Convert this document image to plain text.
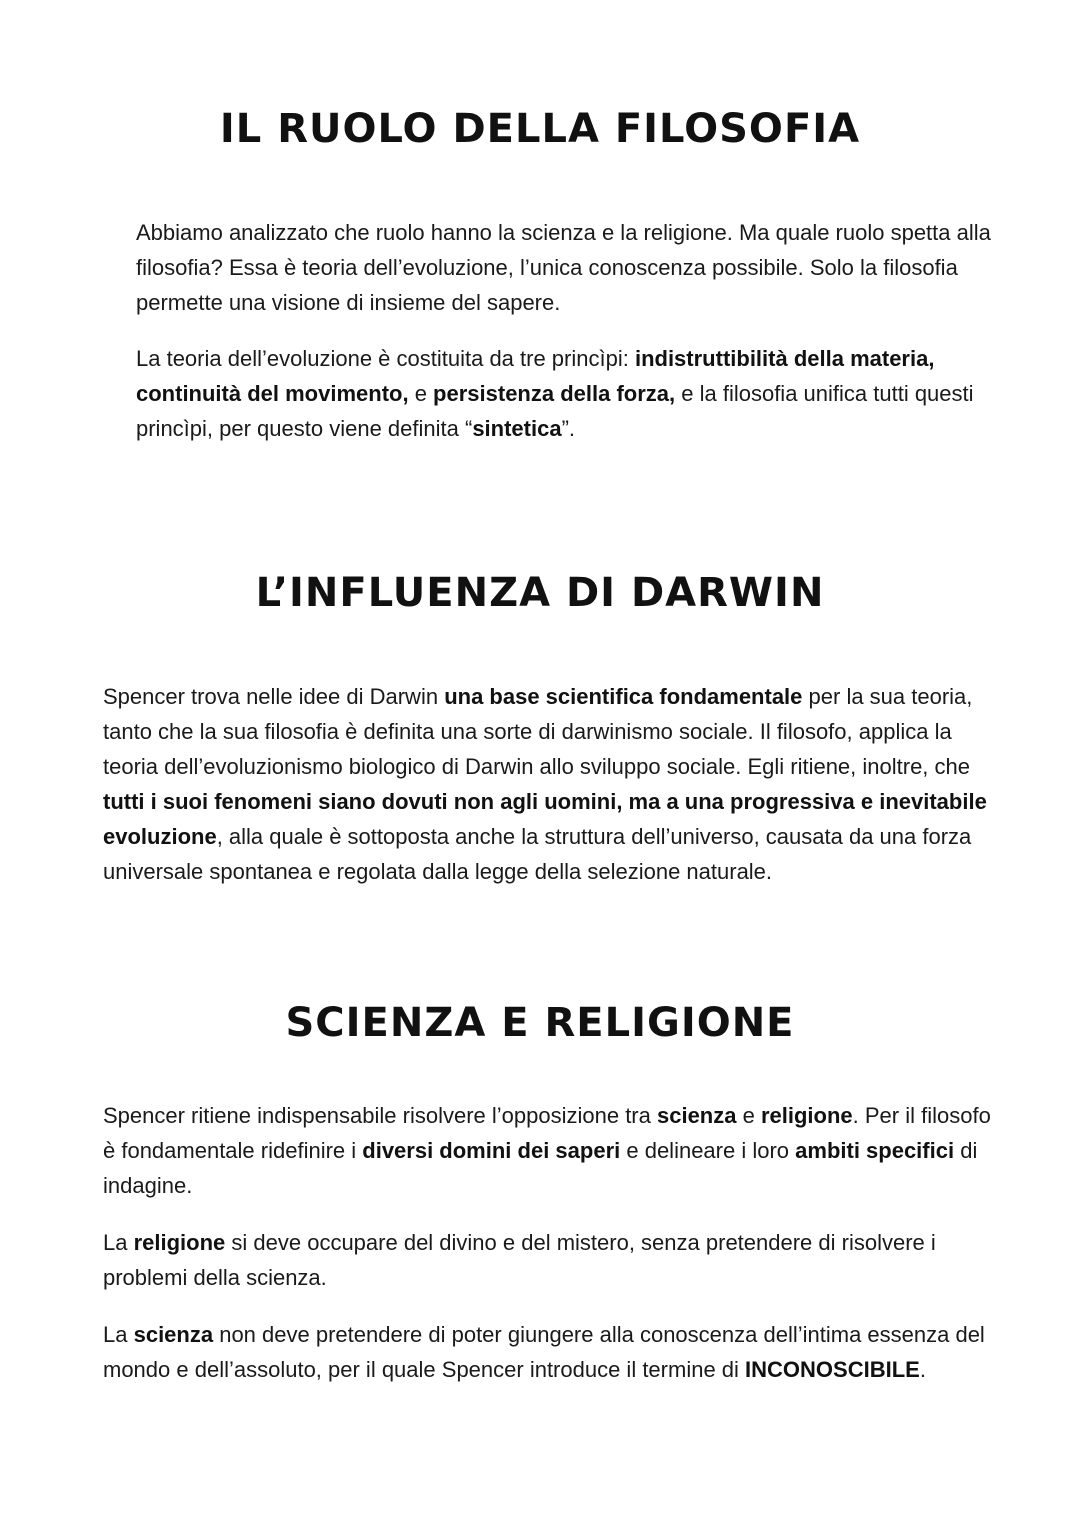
IL RUOLO DELLA FILOSOFIA

Abbiamo analizzato che ruolo hanno la scienza e la religione. Ma quale ruolo spetta alla filosofia? Essa è teoria dell’evoluzione, l’unica conoscenza possibile. Solo la filosofia permette una visione di insieme del sapere.

La teoria dell’evoluzione è costituita da tre princìpi: indistruttibilità della materia, continuità del movimento, e persistenza della forza, e la filosofia unifica tutti questi princìpi, per questo viene definita “sintetica”.

L’INFLUENZA DI DARWIN

Spencer trova nelle idee di Darwin una base scientifica fondamentale per la sua teoria, tanto che la sua filosofia è definita una sorte di darwinismo sociale. Il filosofo, applica la teoria dell’evoluzionismo biologico di Darwin allo sviluppo sociale. Egli ritiene, inoltre, che tutti i suoi fenomeni siano dovuti non agli uomini, ma a una progressiva e inevitabile evoluzione, alla quale è sottoposta anche la struttura dell’universo, causata da una forza universale spontanea e regolata dalla legge della selezione naturale.

SCIENZA E RELIGIONE

Spencer ritiene indispensabile risolvere l’opposizione tra scienza e religione. Per il filosofo è fondamentale ridefinire i diversi domini dei saperi e delineare i loro ambiti specifici di indagine.

La religione si deve occupare del divino e del mistero, senza pretendere di risolvere i problemi della scienza.

La scienza non deve pretendere di poter giungere alla conoscenza dell’intima essenza del mondo e dell’assoluto, per il quale Spencer introduce il termine di INCONOSCIBILE.
